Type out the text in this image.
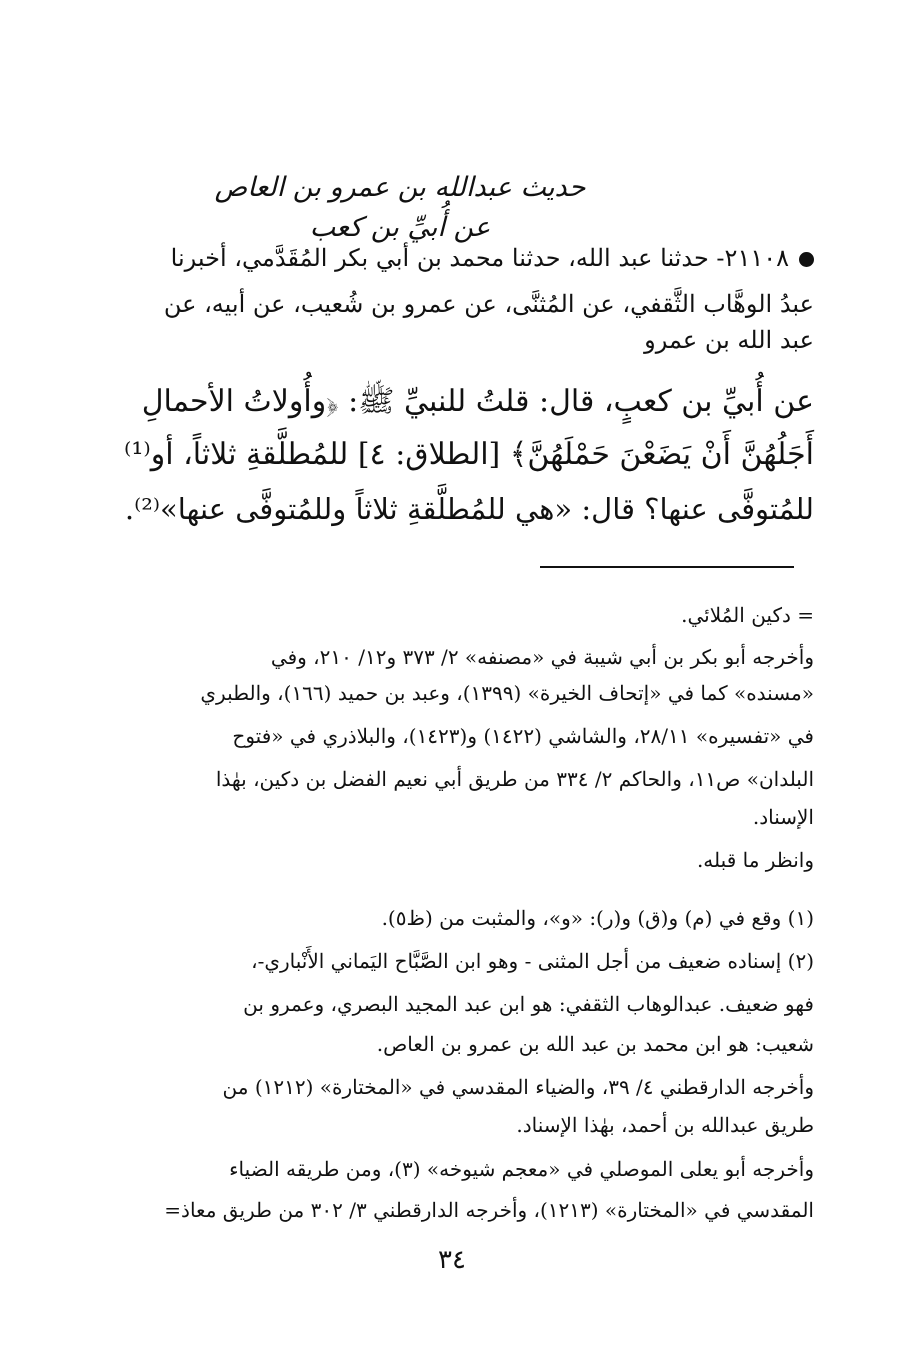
حديث عبدالله بن عمرو بن العاص عن أُبيِّ بن كعب
٢١١٠٨- حدثنا عبد الله، حدثنا محمد بن أبي بكر المُقَدَّمي، أخبرنا
عبدُ الوهَّاب الثَّقفي، عن المُثنَّى، عن عمرو بن شُعيب، عن أبيه، عن
عبد الله بن عمرو
عن أُبيِّ بن كعبٍ، قال: قلتُ للنبيِّ ﷺ: ﴿وأُولاتُ الأحمالِ
أَجَلُهُنَّ أَنْ يَضَعْنَ حَمْلَهُنَّ﴾ [الطلاق: ٤] للمُطلَّقةِ ثلاثاً، أو⁽¹⁾
للمُتوفَّى عنها؟ قال: «هي للمُطلَّقةِ ثلاثاً وللمُتوفَّى عنها»⁽²⁾.
= دكين المُلائي.
وأخرجه أبو بكر بن أبي شيبة في «مصنفه» ٢/ ٣٧٣ و١٢/ ٢١٠، وفي
«مسنده» كما في «إتحاف الخيرة» (١٣٩٩)، وعبد بن حميد (١٦٦)، والطبري
في «تفسيره» ٢٨/١١، والشاشي (١٤٢٢) و(١٤٢٣)، والبلاذري في «فتوح
البلدان» ص١١، والحاكم ٢/ ٣٣٤ من طريق أبي نعيم الفضل بن دكين، بهٰذا
الإسناد.
وانظر ما قبله.
(١) وقع في (م) و(ق) و(ر): «و»، والمثبت من (ظ٥).
(٢) إسناده ضعيف من أجل المثنى - وهو ابن الصَّبَّاح اليَماني الأَنْباري-،
فهو ضعيف. عبدالوهاب الثقفي: هو ابن عبد المجيد البصري، وعمرو بن
شعيب: هو ابن محمد بن عبد الله بن عمرو بن العاص.
وأخرجه الدارقطني ٤/ ٣٩، والضياء المقدسي في «المختارة» (١٢١٢) من
طريق عبدالله بن أحمد، بهٰذا الإسناد.
وأخرجه أبو يعلى الموصلي في «معجم شيوخه» (٣)، ومن طريقه الضياء
المقدسي في «المختارة» (١٢١٣)، وأخرجه الدارقطني ٣/ ٣٠٢ من طريق معاذ=
٣٤
